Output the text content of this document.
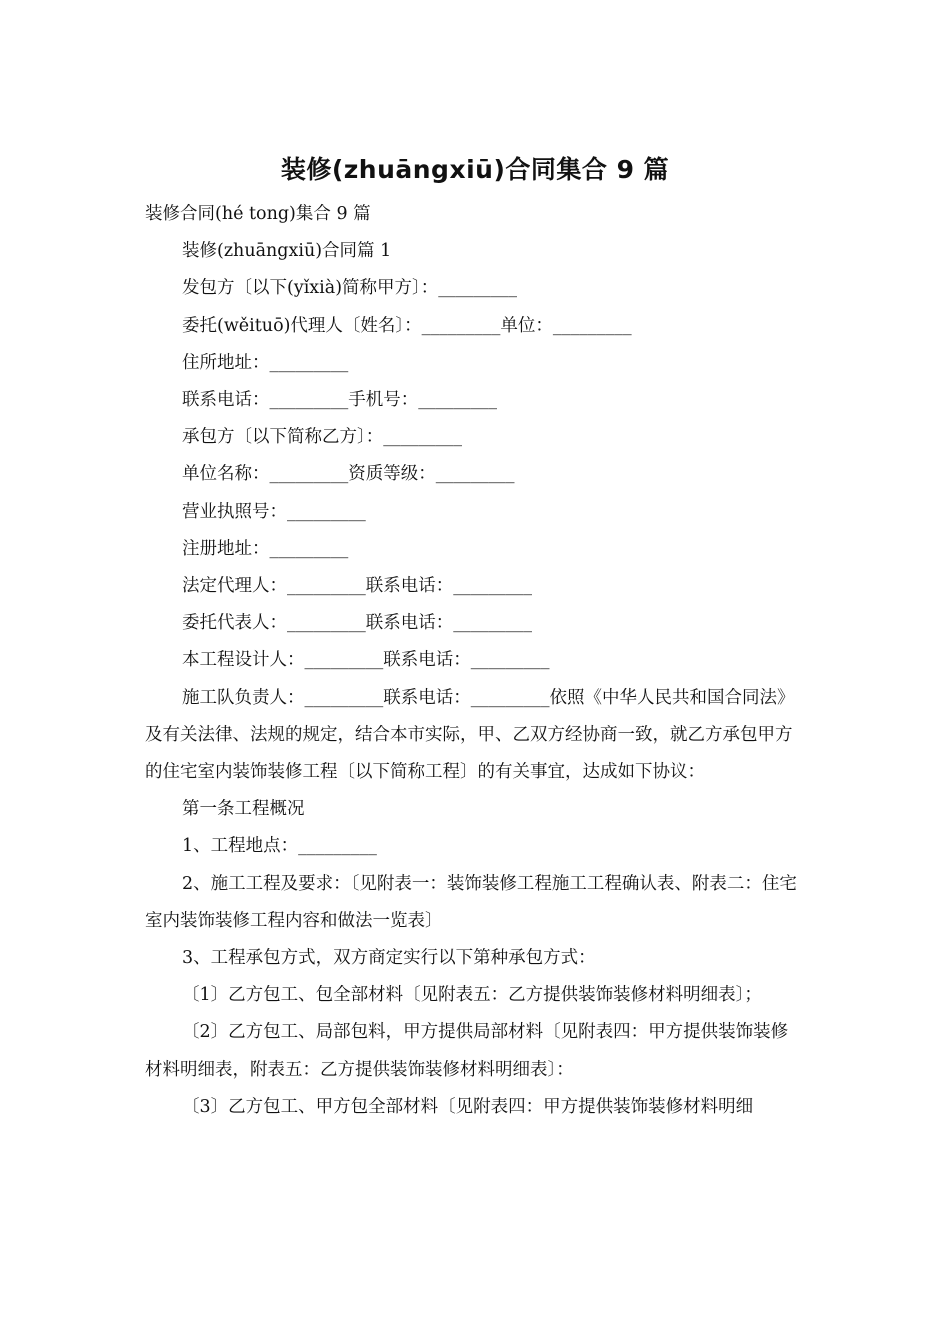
装修(zhuāngxiū)合同集合 9 篇

装修合同(hé tong)集合 9 篇

装修(zhuāngxiū)合同篇 1

发包方〔以下(yǐxià)简称甲方〕：_________

委托(wěituō)代理人〔姓名〕：_________单位：_________

住所地址：_________

联系电话：_________手机号：_________

承包方〔以下简称乙方〕：_________

单位名称：_________资质等级：_________

营业执照号：_________

注册地址：_________

法定代理人：_________联系电话：_________

委托代表人：_________联系电话：_________

本工程设计人：_________联系电话：_________

施工队负责人：_________联系电话：_________依照《中华人民共和国合同法》及有关法律、法规的规定，结合本市实际，甲、乙双方经协商一致，就乙方承包甲方的住宅室内装饰装修工程〔以下简称工程〕的有关事宜，达成如下协议：

第一条工程概况

1、工程地点：_________

2、施工工程及要求：〔见附表一：装饰装修工程施工工程确认表、附表二：住宅室内装饰装修工程内容和做法一览表〕

3、工程承包方式，双方商定实行以下第种承包方式：

〔1〕乙方包工、包全部材料〔见附表五：乙方提供装饰装修材料明细表〕；

〔2〕乙方包工、局部包料，甲方提供局部材料〔见附表四：甲方提供装饰装修材料明细表，附表五：乙方提供装饰装修材料明细表〕：

〔3〕乙方包工、甲方包全部材料〔见附表四：甲方提供装饰装修材料明细
